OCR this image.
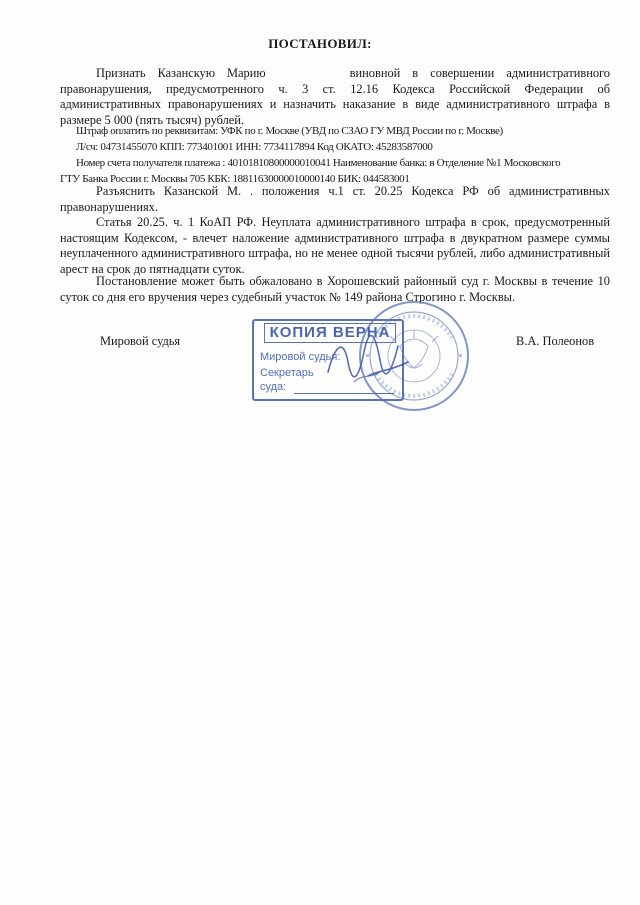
ПОСТАНОВИЛ:
Признать Казанскую Марию	виновной в совершении административного правонарушения, предусмотренного ч. 3 ст. 12.16 Кодекса Российской Федерации об административных правонарушениях и назначить наказание в виде административного штрафа в размере 5 000 (пять тысяч) рублей.
Штраф оплатить по реквизитам: УФК по г. Москве (УВД по СЗАО ГУ МВД России по г. Москве)
Л/сч: 04731455070 КПП: 773401001 ИНН: 7734117894 Код ОКАТО: 45283587000
Номер счета получателя платежа : 40101810800000010041 Наименование банка: в Отделение №1 Московского
ГТУ Банка России г. Москвы 705 КБК: 18811630000010000140 БИК: 044583001
Разъяснить Казанской М. . положения ч.1 ст. 20.25 Кодекса РФ об административных правонарушениях.
Статья 20.25. ч. 1 КоАП РФ. Неуплата административного штрафа в срок, предусмотренный настоящим Кодексом, - влечет наложение административного штрафа в двукратном размере суммы неуплаченного административного штрафа, но не менее одной тысячи рублей, либо административный арест на срок до пятнадцати суток.
Постановление может быть обжаловано в Хорошевский районный суд г. Москвы в течение 10 суток со дня его вручения через судебный участок № 149 района Строгино г. Москвы.
Мировой судья	В.А. Полеонов
КОПИЯ ВЕРНА
Мировой судья:
Секретарь
суда:
